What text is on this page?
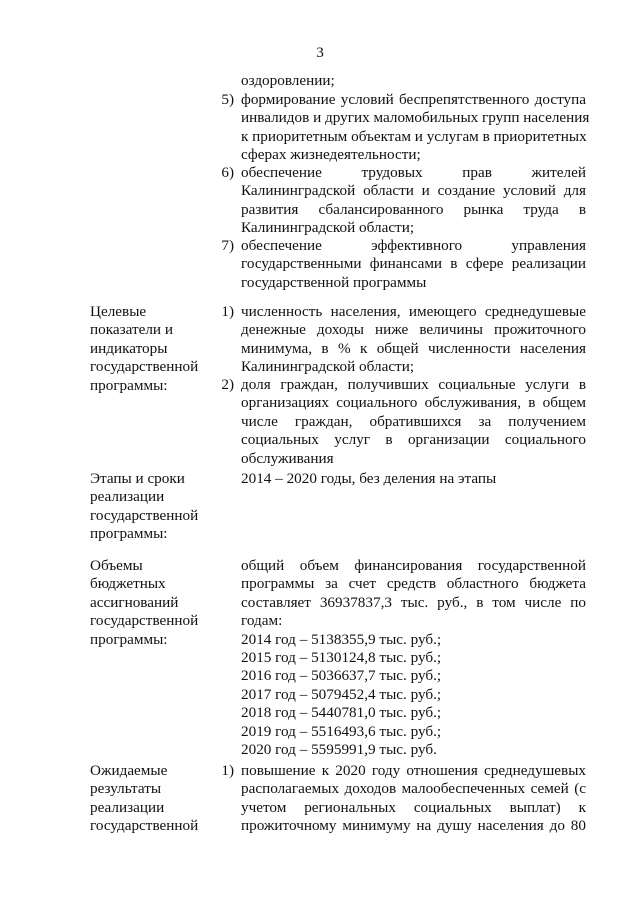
3
оздоровлении;
5) формирование условий беспрепятственного доступа
инвалидов и других маломобильных групп населения
к приоритетным объектам и услугам в приоритетных
сферах жизнедеятельности;
6) обеспечение трудовых прав жителей
Калининградской области и создание условий для
развития сбалансированного рынка труда в
Калининградской области;
7) обеспечение эффективного управления
государственными финансами в сфере реализации
государственной программы
Целевые
показатели и
индикаторы
государственной
программы:
1) численность населения, имеющего среднедушевые
денежные доходы ниже величины прожиточного
минимума, в % к общей численности населения
Калининградской области;
2) доля граждан, получивших социальные услуги в
организациях социального обслуживания, в общем
числе граждан, обратившихся за получением
социальных услуг в организации социального
обслуживания
Этапы и сроки
реализации
государственной
программы:
2014 – 2020 годы, без деления на этапы
Объемы
бюджетных
ассигнований
государственной
программы:
общий объем финансирования государственной
программы за счет средств областного бюджета
составляет 36937837,3 тыс. руб., в том числе по
годам:
2014 год – 5138355,9 тыс. руб.;
2015 год – 5130124,8 тыс. руб.;
2016 год – 5036637,7 тыс. руб.;
2017 год – 5079452,4 тыс. руб.;
2018 год – 5440781,0 тыс. руб.;
2019 год – 5516493,6 тыс. руб.;
2020 год – 5595991,9 тыс. руб.
Ожидаемые
результаты
реализации
государственной
1) повышение к 2020 году отношения среднедушевых
располагаемых доходов малообеспеченных семей (с
учетом региональных социальных выплат) к
прожиточному минимуму на душу населения до 80
